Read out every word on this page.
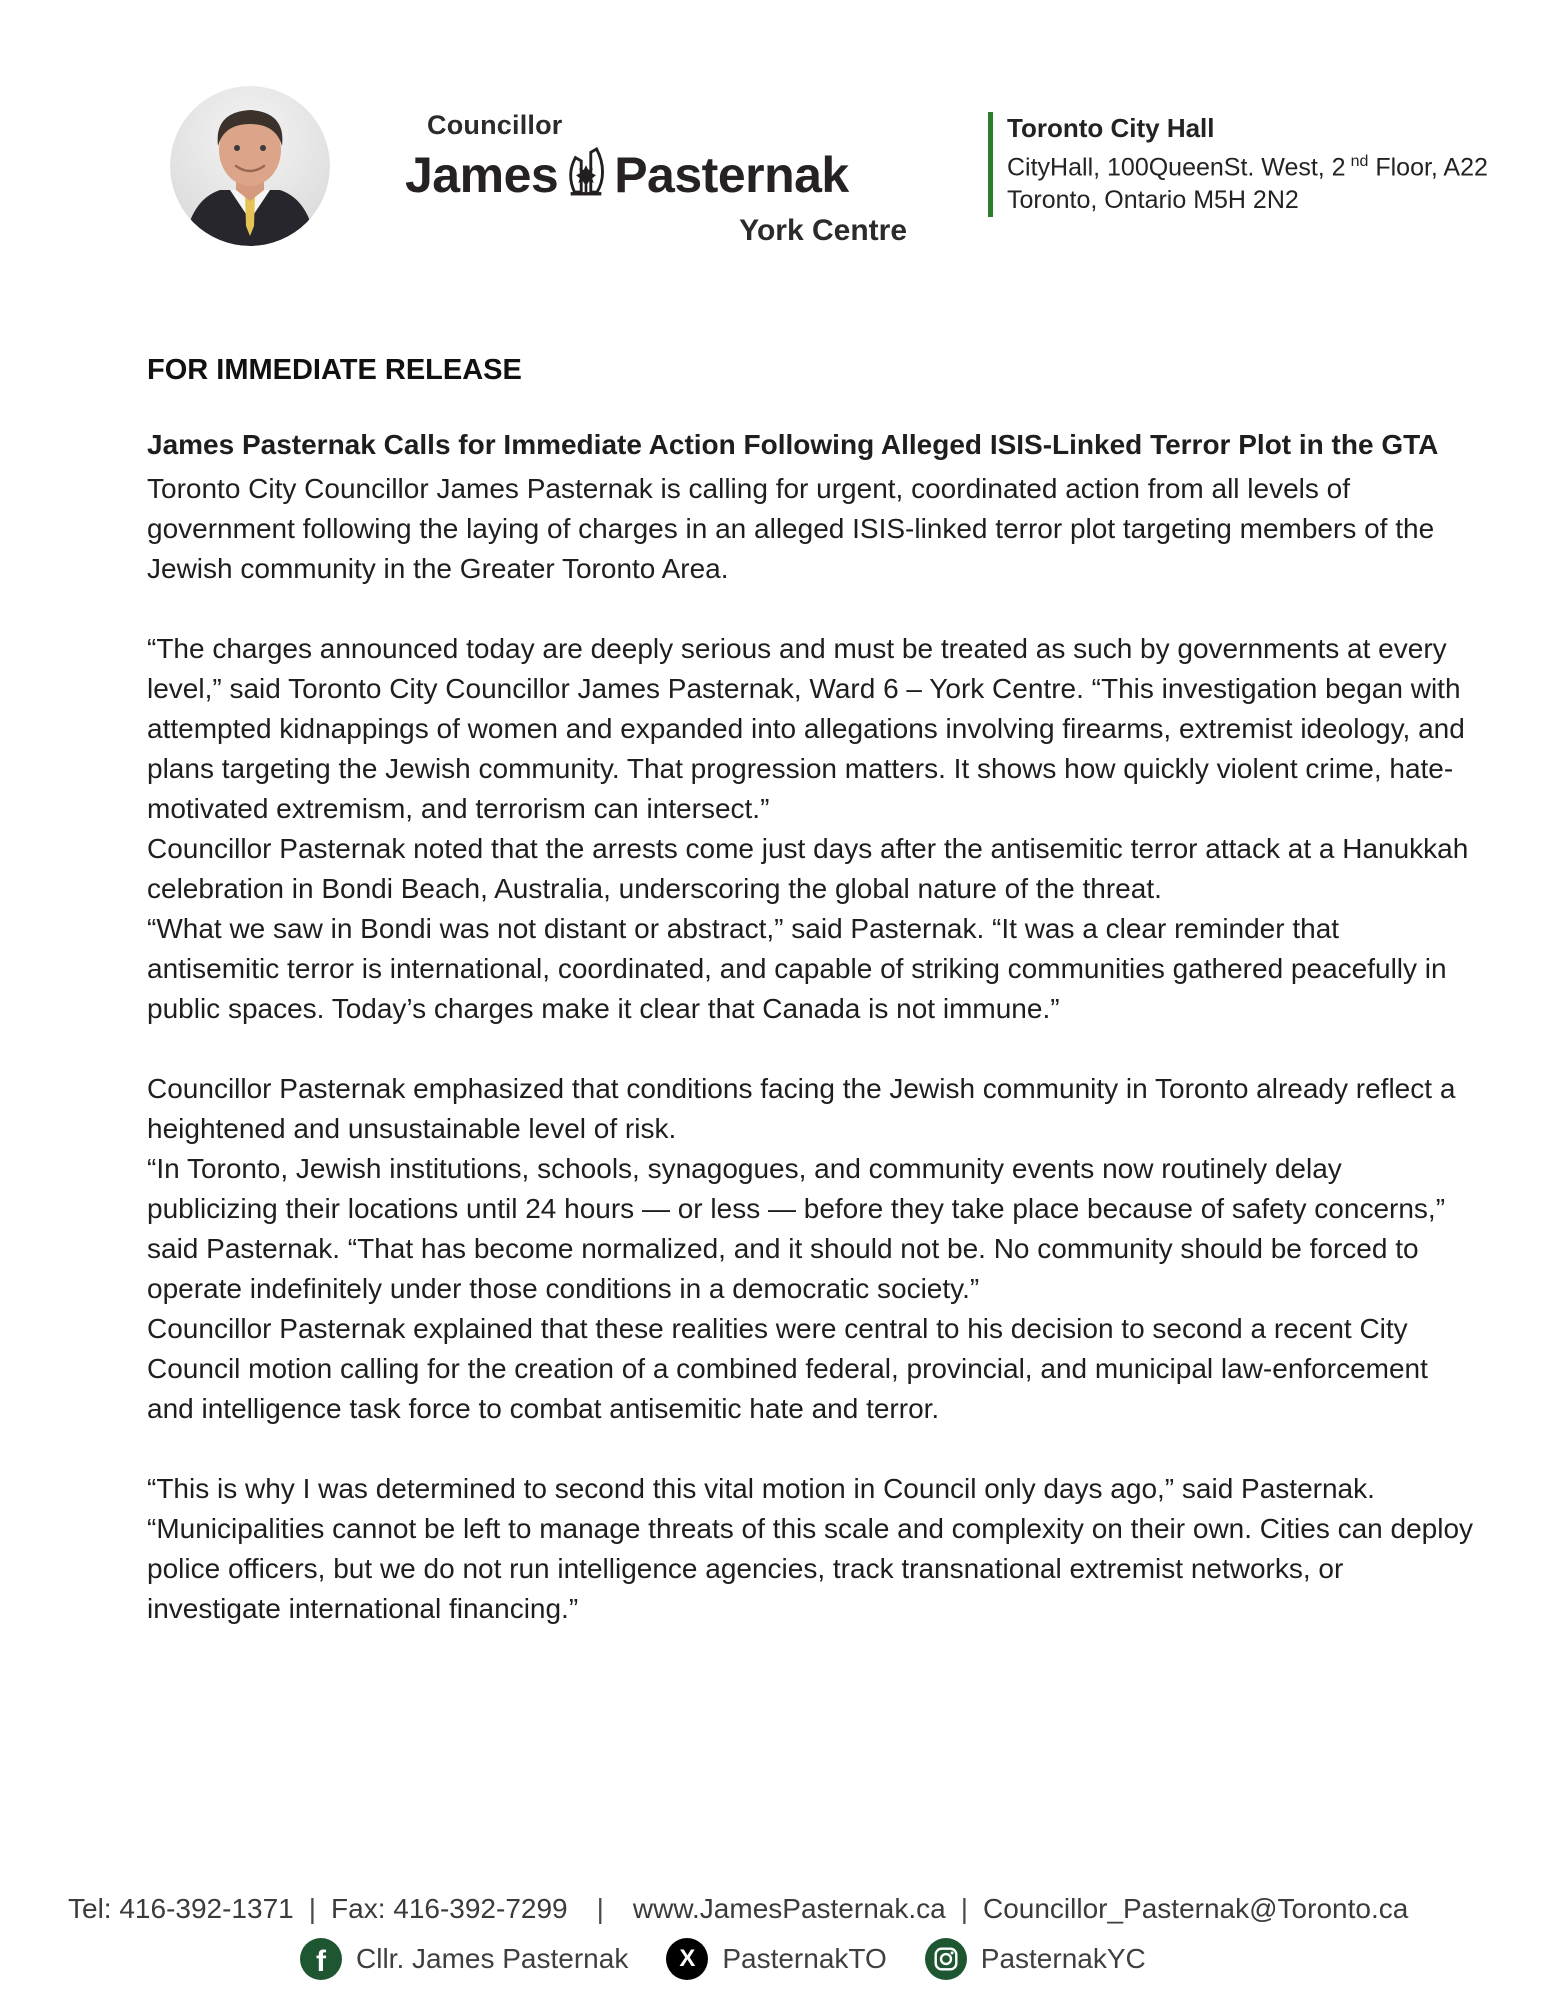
Councillor
James Pasternak
York Centre
Toronto City Hall
CityHall, 100QueenSt. West, 2 $^{nd}$ Floor, A22
Toronto, Ontario M5H 2N2

FOR IMMEDIATE RELEASE

James Pasternak Calls for Immediate Action Following Alleged ISIS-Linked Terror Plot in the GTA

Toronto City Councillor James Pasternak is calling for urgent, coordinated action from all levels of government following the laying of charges in an alleged ISIS-linked terror plot targeting members of the Jewish community in the Greater Toronto Area.

“The charges announced today are deeply serious and must be treated as such by governments at every level,” said Toronto City Councillor James Pasternak, Ward 6 – York Centre. “This investigation began with attempted kidnappings of women and expanded into allegations involving firearms, extremist ideology, and plans targeting the Jewish community. That progression matters. It shows how quickly violent crime, hate-motivated extremism, and terrorism can intersect.”

Councillor Pasternak noted that the arrests come just days after the antisemitic terror attack at a Hanukkah celebration in Bondi Beach, Australia, underscoring the global nature of the threat.

“What we saw in Bondi was not distant or abstract,” said Pasternak. “It was a clear reminder that antisemitic terror is international, coordinated, and capable of striking communities gathered peacefully in public spaces. Today’s charges make it clear that Canada is not immune.”

Councillor Pasternak emphasized that conditions facing the Jewish community in Toronto already reflect a heightened and unsustainable level of risk.

“In Toronto, Jewish institutions, schools, synagogues, and community events now routinely delay publicizing their locations until 24 hours — or less — before they take place because of safety concerns,” said Pasternak. “That has become normalized, and it should not be. No community should be forced to operate indefinitely under those conditions in a democratic society.”

Councillor Pasternak explained that these realities were central to his decision to second a recent City Council motion calling for the creation of a combined federal, provincial, and municipal law-enforcement and intelligence task force to combat antisemitic hate and terror.

“This is why I was determined to second this vital motion in Council only days ago,” said Pasternak. “Municipalities cannot be left to manage threats of this scale and complexity on their own. Cities can deploy police officers, but we do not run intelligence agencies, track transnational extremist networks, or investigate international financing.”

Tel: 416-392-1371 | Fax: 416-392-7299 | www.JamesPasternak.ca | Councillor_Pasternak@Toronto.ca
f Cllr. James Pasternak X PasternakTO	PasternakYC
